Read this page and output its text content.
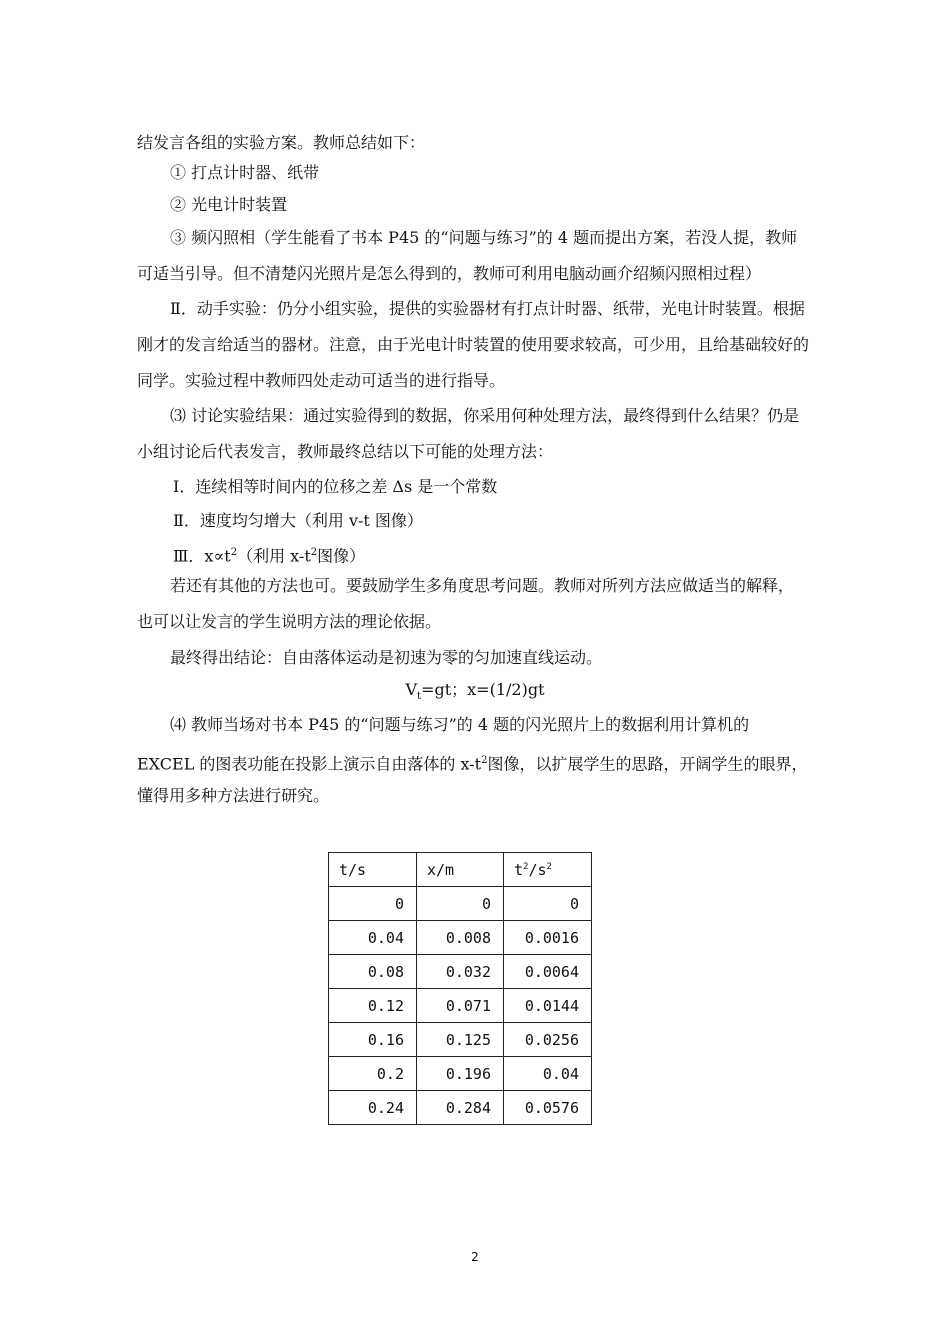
结发言各组的实验方案。教师总结如下：
① 打点计时器、纸带
② 光电计时装置
③ 频闪照相（学生能看了书本 P45 的“问题与练习”的 4 题而提出方案，若没人提，教师
可适当引导。但不清楚闪光照片是怎么得到的，教师可利用电脑动画介绍频闪照相过程）
Ⅱ．动手实验：仍分小组实验，提供的实验器材有打点计时器、纸带，光电计时装置。根据
刚才的发言给适当的器材。注意，由于光电计时装置的使用要求较高，可少用，且给基础较好的
同学。实验过程中教师四处走动可适当的进行指导。
⑶ 讨论实验结果：通过实验得到的数据，你采用何种处理方法，最终得到什么结果？仍是
小组讨论后代表发言，教师最终总结以下可能的处理方法：
Ⅰ．连续相等时间内的位移之差 Δs 是一个常数
Ⅱ．速度均匀增大（利用 v-t 图像）
Ⅲ．$x\propto t^2$（利用 $x-t^2$图像）
若还有其他的方法也可。要鼓励学生多角度思考问题。教师对所列方法应做适当的解释，
也可以让发言的学生说明方法的理论依据。
最终得出结论：自由落体运动是初速为零的匀加速直线运动。
$V_t=gt$；x=(1/2)gt
⑷ 教师当场对书本 P45 的“问题与练习”的 4 题的闪光照片上的数据利用计算机的
EXCEL 的图表功能在投影上演示自由落体的 $x-t^2$图像，以扩展学生的思路，开阔学生的眼界，
懂得用多种方法进行研究。
t/s	x/m	$t^2/s^2$
0	0	0
0.04	0.008	0.0016
0.08	0.032	0.0064
0.12	0.071	0.0144
0.16	0.125	0.0256
0.2	0.196	0.04
0.24	0.284	0.0576
2
